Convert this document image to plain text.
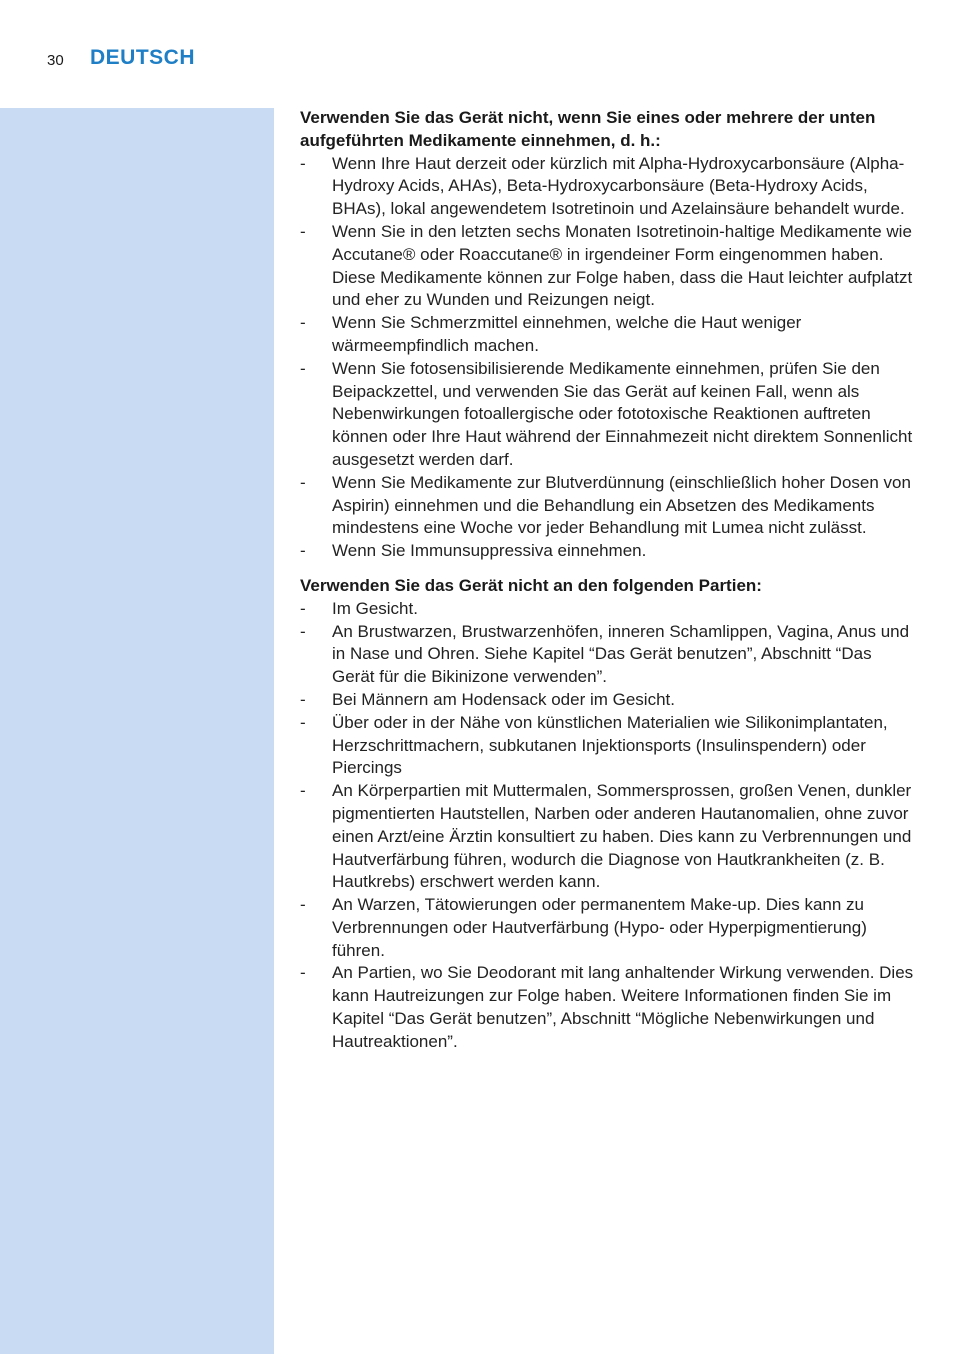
30 DEUTSCH

Verwenden Sie das Gerät nicht, wenn Sie eines oder mehrere der unten aufgeführten Medikamente einnehmen, d. h.:

- Wenn Ihre Haut derzeit oder kürzlich mit Alpha-Hydroxycarbonsäure (Alpha-Hydroxy Acids, AHAs), Beta-Hydroxycarbonsäure (Beta-Hydroxy Acids, BHAs), lokal angewendetem Isotretinoin und Azelainsäure behandelt wurde.
- Wenn Sie in den letzten sechs Monaten Isotretinoin-haltige Medikamente wie Accutane® oder Roaccutane® in irgendeiner Form eingenommen haben. Diese Medikamente können zur Folge haben, dass die Haut leichter aufplatzt und eher zu Wunden und Reizungen neigt.
- Wenn Sie Schmerzmittel einnehmen, welche die Haut weniger wärmeempfindlich machen.
- Wenn Sie fotosensibilisierende Medikamente einnehmen, prüfen Sie den Beipackzettel, und verwenden Sie das Gerät auf keinen Fall, wenn als Nebenwirkungen fotoallergische oder fototoxische Reaktionen auftreten können oder Ihre Haut während der Einnahmezeit nicht direktem Sonnenlicht ausgesetzt werden darf.
- Wenn Sie Medikamente zur Blutverdünnung (einschließlich hoher Dosen von Aspirin) einnehmen und die Behandlung ein Absetzen des Medikaments mindestens eine Woche vor jeder Behandlung mit Lumea nicht zulässt.
- Wenn Sie Immunsuppressiva einnehmen.

Verwenden Sie das Gerät nicht an den folgenden Partien:

- Im Gesicht.
- An Brustwarzen, Brustwarzenhöfen, inneren Schamlippen, Vagina, Anus und in Nase und Ohren. Siehe Kapitel “Das Gerät benutzen”, Abschnitt “Das Gerät für die Bikinizone verwenden”.
- Bei Männern am Hodensack oder im Gesicht.
- Über oder in der Nähe von künstlichen Materialien wie Silikonimplantaten, Herzschrittmachern, subkutanen Injektionsports (Insulinspendern) oder Piercings
- An Körperpartien mit Muttermalen, Sommersprossen, großen Venen, dunkler pigmentierten Hautstellen, Narben oder anderen Hautanomalien, ohne zuvor einen Arzt/eine Ärztin konsultiert zu haben. Dies kann zu Verbrennungen und Hautverfärbung führen, wodurch die Diagnose von Hautkrankheiten (z. B. Hautkrebs) erschwert werden kann.
- An Warzen, Tätowierungen oder permanentem Make-up. Dies kann zu Verbrennungen oder Hautverfärbung (Hypo- oder Hyperpigmentierung) führen.
- An Partien, wo Sie Deodorant mit lang anhaltender Wirkung verwenden. Dies kann Hautreizungen zur Folge haben. Weitere Informationen finden Sie im Kapitel “Das Gerät benutzen”, Abschnitt “Mögliche Nebenwirkungen und Hautreaktionen”.
